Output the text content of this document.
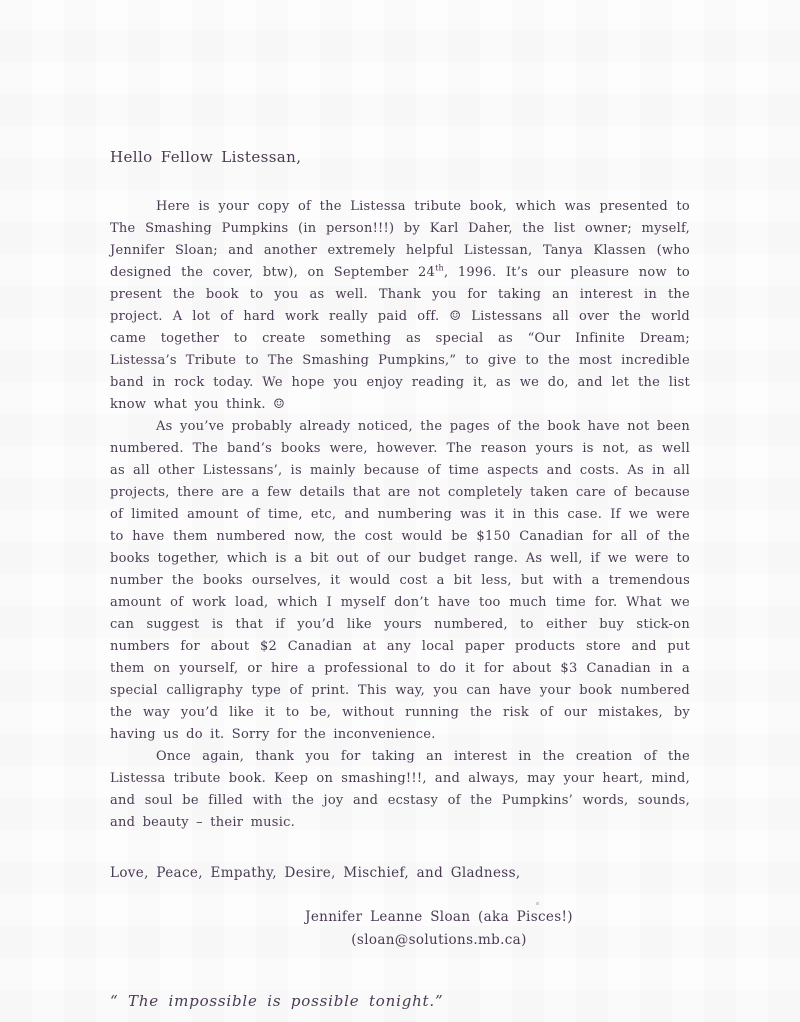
Hello Fellow Listessan,

Here is your copy of the Listessa tribute book, which was presented to The Smashing Pumpkins (in person!!!) by Karl Daher, the list owner; myself, Jennifer Sloan; and another extremely helpful Listessan, Tanya Klassen (who designed the cover, btw), on September 24th, 1996. It’s our pleasure now to present the book to you as well. Thank you for taking an interest in the project. A lot of hard work really paid off. ☺ Listessans all over the world came together to create something as special as “Our Infinite Dream; Listessa’s Tribute to The Smashing Pumpkins,” to give to the most incredible band in rock today. We hope you enjoy reading it, as we do, and let the list know what you think. ☺

As you’ve probably already noticed, the pages of the book have not been numbered. The band’s books were, however. The reason yours is not, as well as all other Listessans’, is mainly because of time aspects and costs. As in all projects, there are a few details that are not completely taken care of because of limited amount of time, etc, and numbering was it in this case. If we were to have them numbered now, the cost would be $150 Canadian for all of the books together, which is a bit out of our budget range. As well, if we were to number the books ourselves, it would cost a bit less, but with a tremendous amount of work load, which I myself don’t have too much time for. What we can suggest is that if you’d like yours numbered, to either buy stick-on numbers for about $2 Canadian at any local paper products store and put them on yourself, or hire a professional to do it for about $3 Canadian in a special calligraphy type of print. This way, you can have your book numbered the way you’d like it to be, without running the risk of our mistakes, by having us do it. Sorry for the inconvenience.

Once again, thank you for taking an interest in the creation of the Listessa tribute book. Keep on smashing!!!, and always, may your heart, mind, and soul be filled with the joy and ecstasy of the Pumpkins’ words, sounds, and beauty – their music.

Love, Peace, Empathy, Desire, Mischief, and Gladness,

Jennifer Leanne Sloan (aka Pisces!)

(sloan@solutions.mb.ca)

“ The impossible is possible tonight.”
